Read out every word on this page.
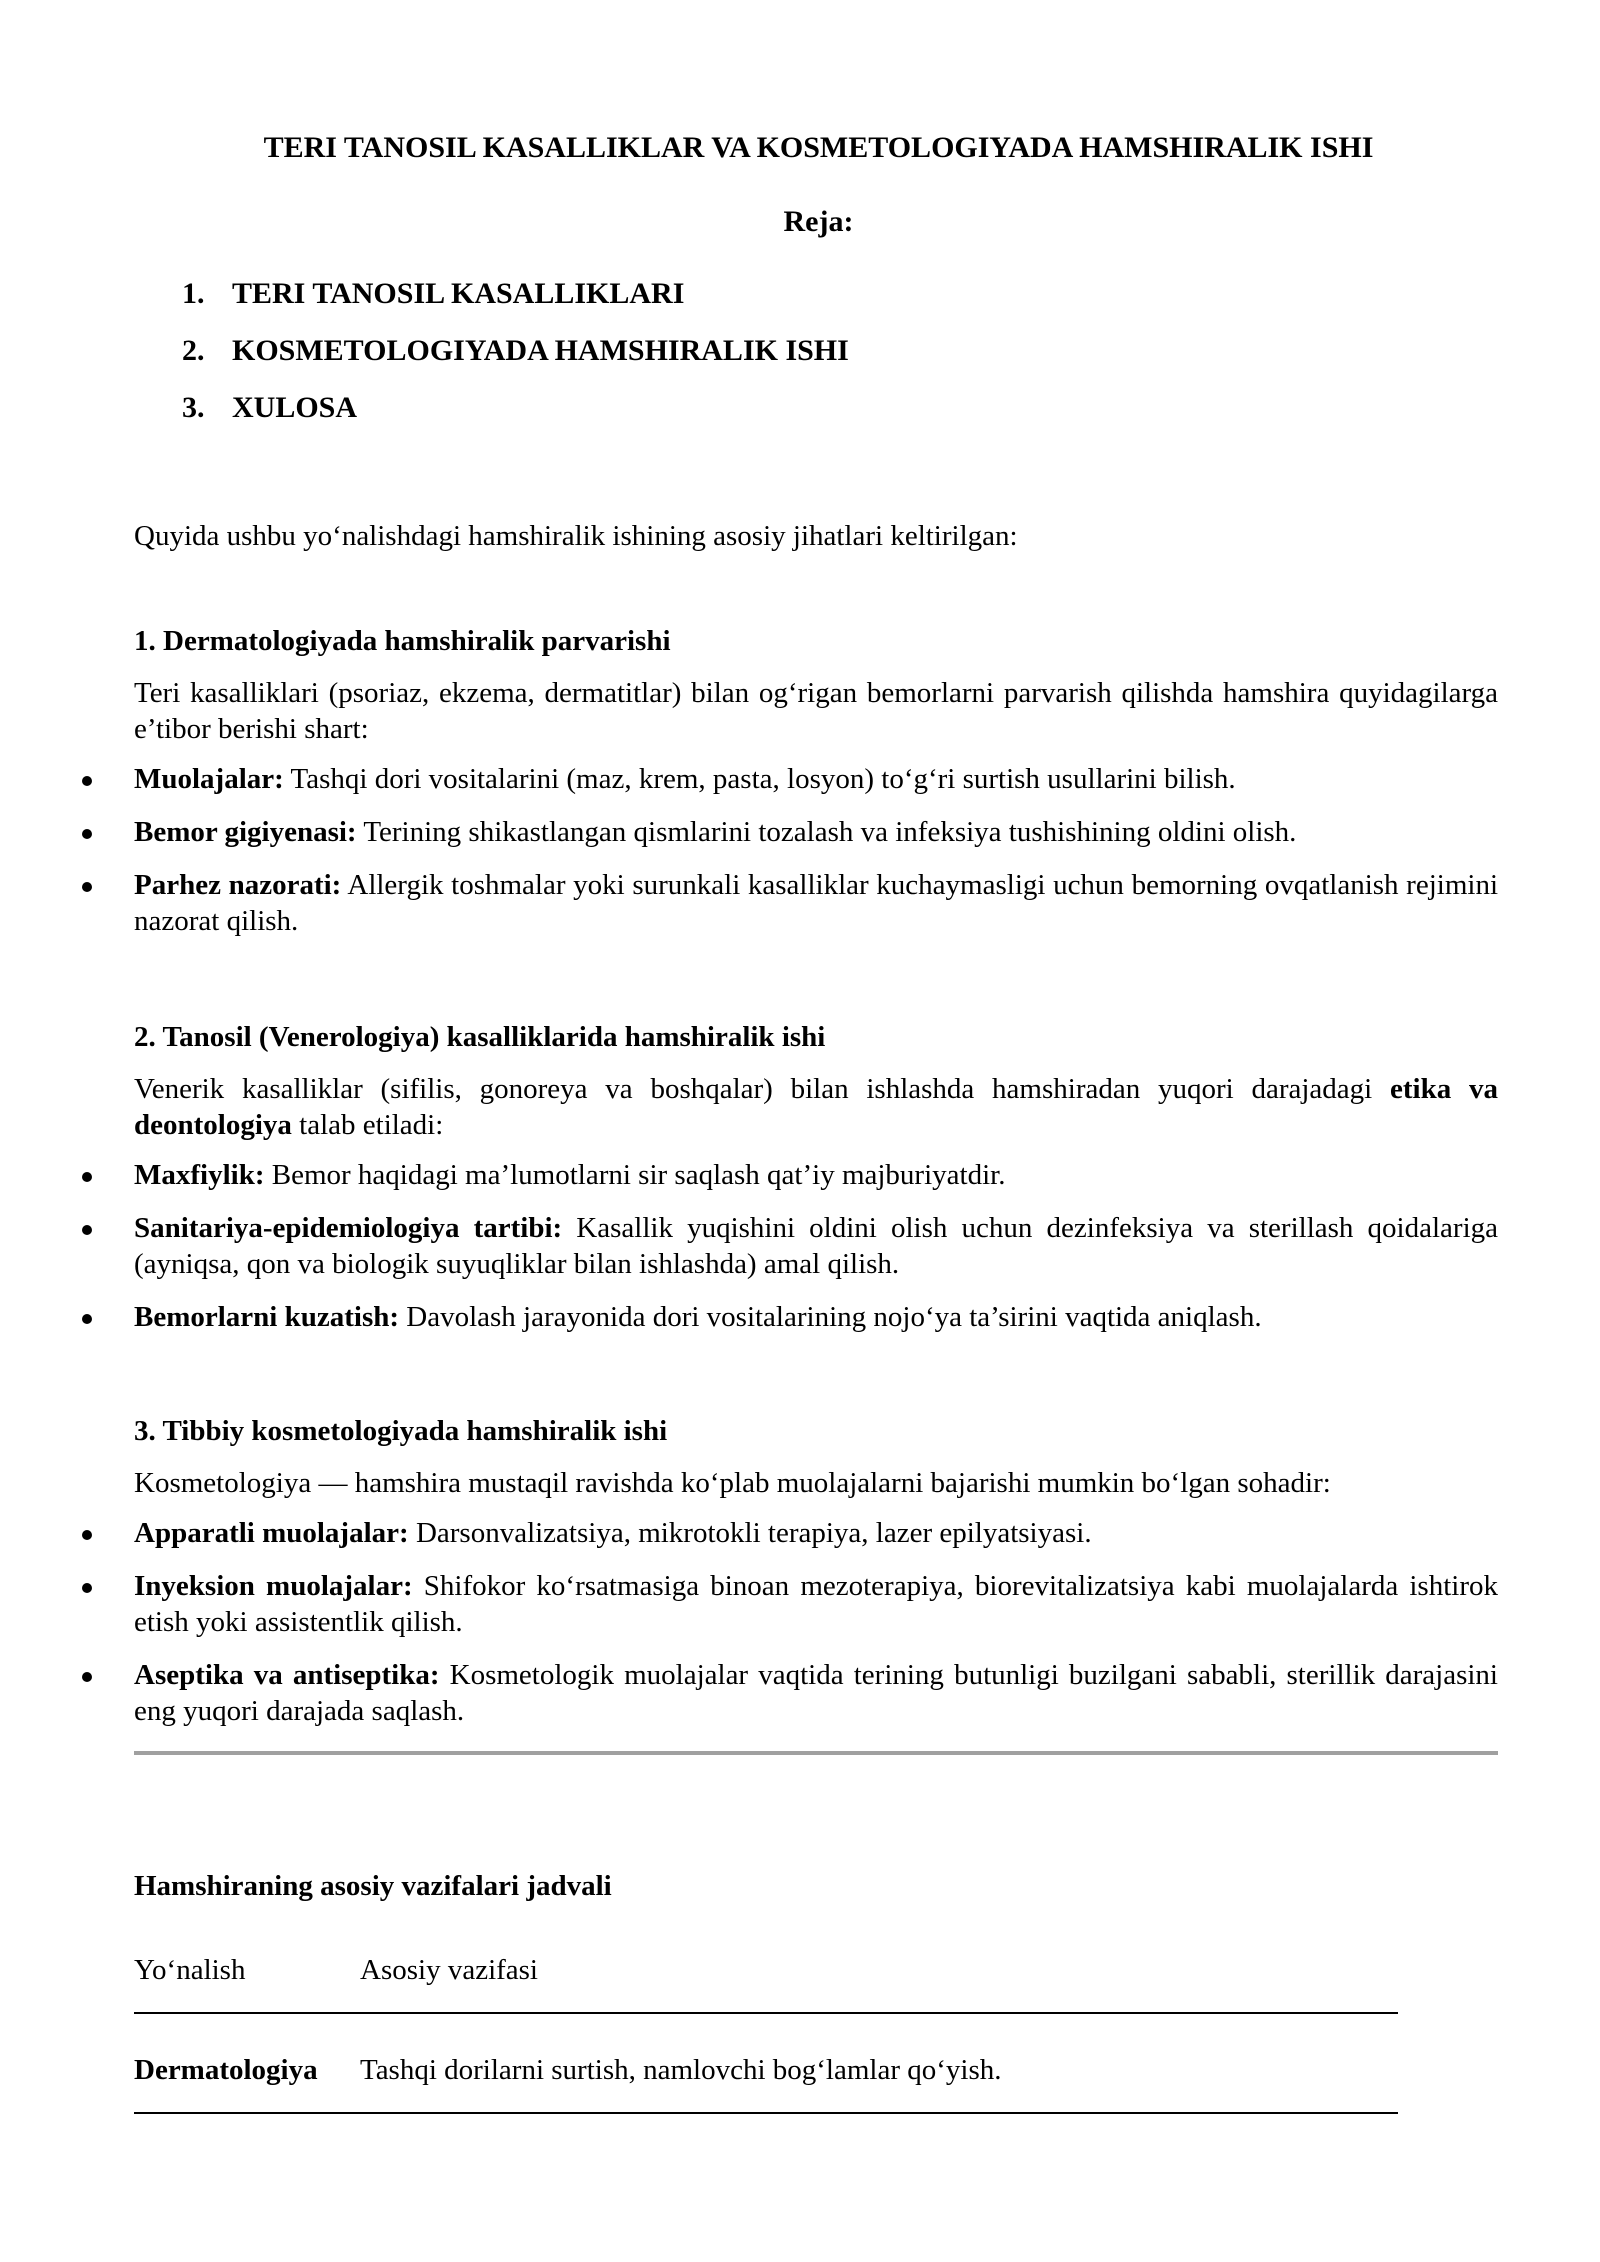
TERI TANOSIL KASALLIKLAR VA KOSMETOLOGIYADA HAMSHIRALIK ISHI
Reja:
1. TERI TANOSIL KASALLIKLARI
2. KOSMETOLOGIYADA HAMSHIRALIK ISHI
3. XULOSA

Quyida ushbu yo‘nalishdagi hamshiralik ishining asosiy jihatlari keltirilgan:

1. Dermatologiyada hamshiralik parvarishi

Teri kasalliklari (psoriaz, ekzema, dermatitlar) bilan og‘rigan bemorlarni parvarish qilishda hamshira quyidagilarga e’tibor berishi shart:

Muolajalar: Tashqi dori vositalarini (maz, krem, pasta, losyon) to‘g‘ri surtish usullarini bilish.
Bemor gigiyenasi: Terining shikastlangan qismlarini tozalash va infeksiya tushishining oldini olish.
Parhez nazorati: Allergik toshmalar yoki surunkali kasalliklar kuchaymasligi uchun bemorning ovqatlanish rejimini nazorat qilish.

2. Tanosil (Venerologiya) kasalliklarida hamshiralik ishi

Venerik kasalliklar (sifilis, gonoreya va boshqalar) bilan ishlashda hamshiradan yuqori darajadagi etika va deontologiya talab etiladi:

Maxfiylik: Bemor haqidagi ma’lumotlarni sir saqlash qat’iy majburiyatdir.
Sanitariya-epidemiologiya tartibi: Kasallik yuqishini oldini olish uchun dezinfeksiya va sterillash qoidalariga (ayniqsa, qon va biologik suyuqliklar bilan ishlashda) amal qilish.
Bemorlarni kuzatish: Davolash jarayonida dori vositalarining nojo‘ya ta’sirini vaqtida aniqlash.

3. Tibbiy kosmetologiyada hamshiralik ishi

Kosmetologiya — hamshira mustaqil ravishda ko‘plab muolajalarni bajarishi mumkin bo‘lgan sohadir:

Apparatli muolajalar: Darsonvalizatsiya, mikrotokli terapiya, lazer epilyatsiyasi.
Inyeksion muolajalar: Shifokor ko‘rsatmasiga binoan mezoterapiya, biorevitalizatsiya kabi muolajalarda ishtirok etish yoki assistentlik qilish.
Aseptika va antiseptika: Kosmetologik muolajalar vaqtida terining butunligi buzilgani sababli, sterillik darajasini eng yuqori darajada saqlash.

Hamshiraning asosiy vazifalari jadvali

Yo‘nalish	Asosiy vazifasi
Dermatologiya	Tashqi dorilarni surtish, namlovchi bog‘lamlar qo‘yish.
